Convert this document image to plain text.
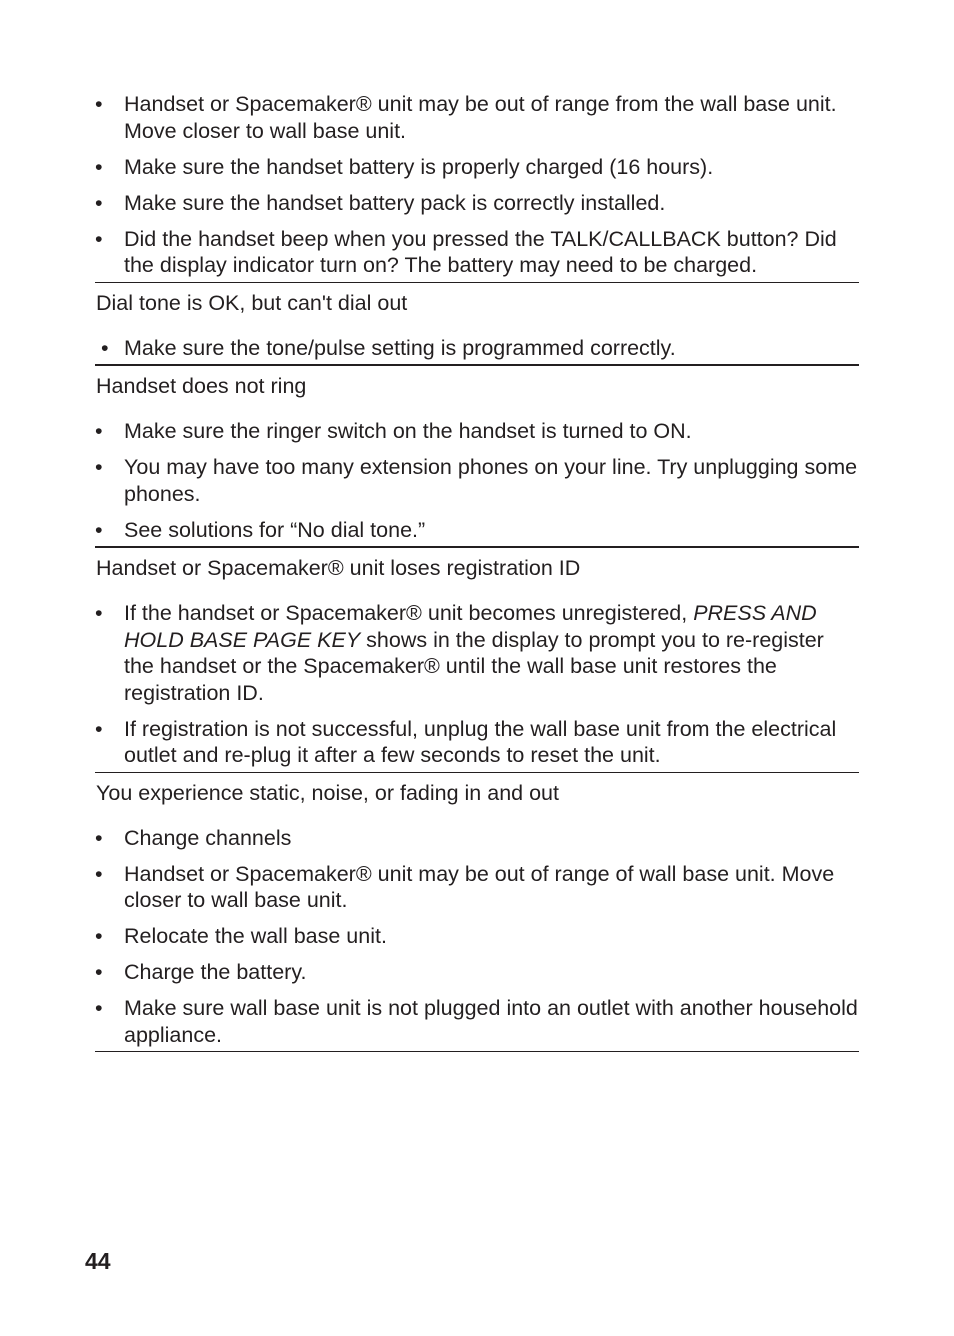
• Handset or Spacemaker® unit may be out of range from the wall base unit. Move closer to wall base unit.
• Make sure the handset battery is properly charged (16 hours).
• Make sure the handset battery pack is correctly installed.
• Did the handset beep when you pressed the TALK/CALLBACK button? Did the display indicator turn on? The battery may need to be charged.
Dial tone is OK, but can't dial out
• Make sure the tone/pulse setting is programmed correctly.
Handset does not ring
• Make sure the ringer switch on the handset is turned to ON.
• You may have too many extension phones on your line. Try unplugging some phones.
• See solutions for “No dial tone.”
Handset or Spacemaker® unit loses registration ID
• If the handset or Spacemaker® unit becomes unregistered, PRESS AND HOLD BASE PAGE KEY shows in the display to prompt you to re-register the handset or the Spacemaker® until the wall base unit restores the registration ID.
• If registration is not successful, unplug the wall base unit from the electrical outlet and re-plug it after a few seconds to reset the unit.
You experience static, noise, or fading in and out
• Change channels
• Handset or Spacemaker® unit may be out of range of wall base unit. Move closer to wall base unit.
• Relocate the wall base unit.
• Charge the battery.
• Make sure wall base unit is not plugged into an outlet with another household appliance.
44
